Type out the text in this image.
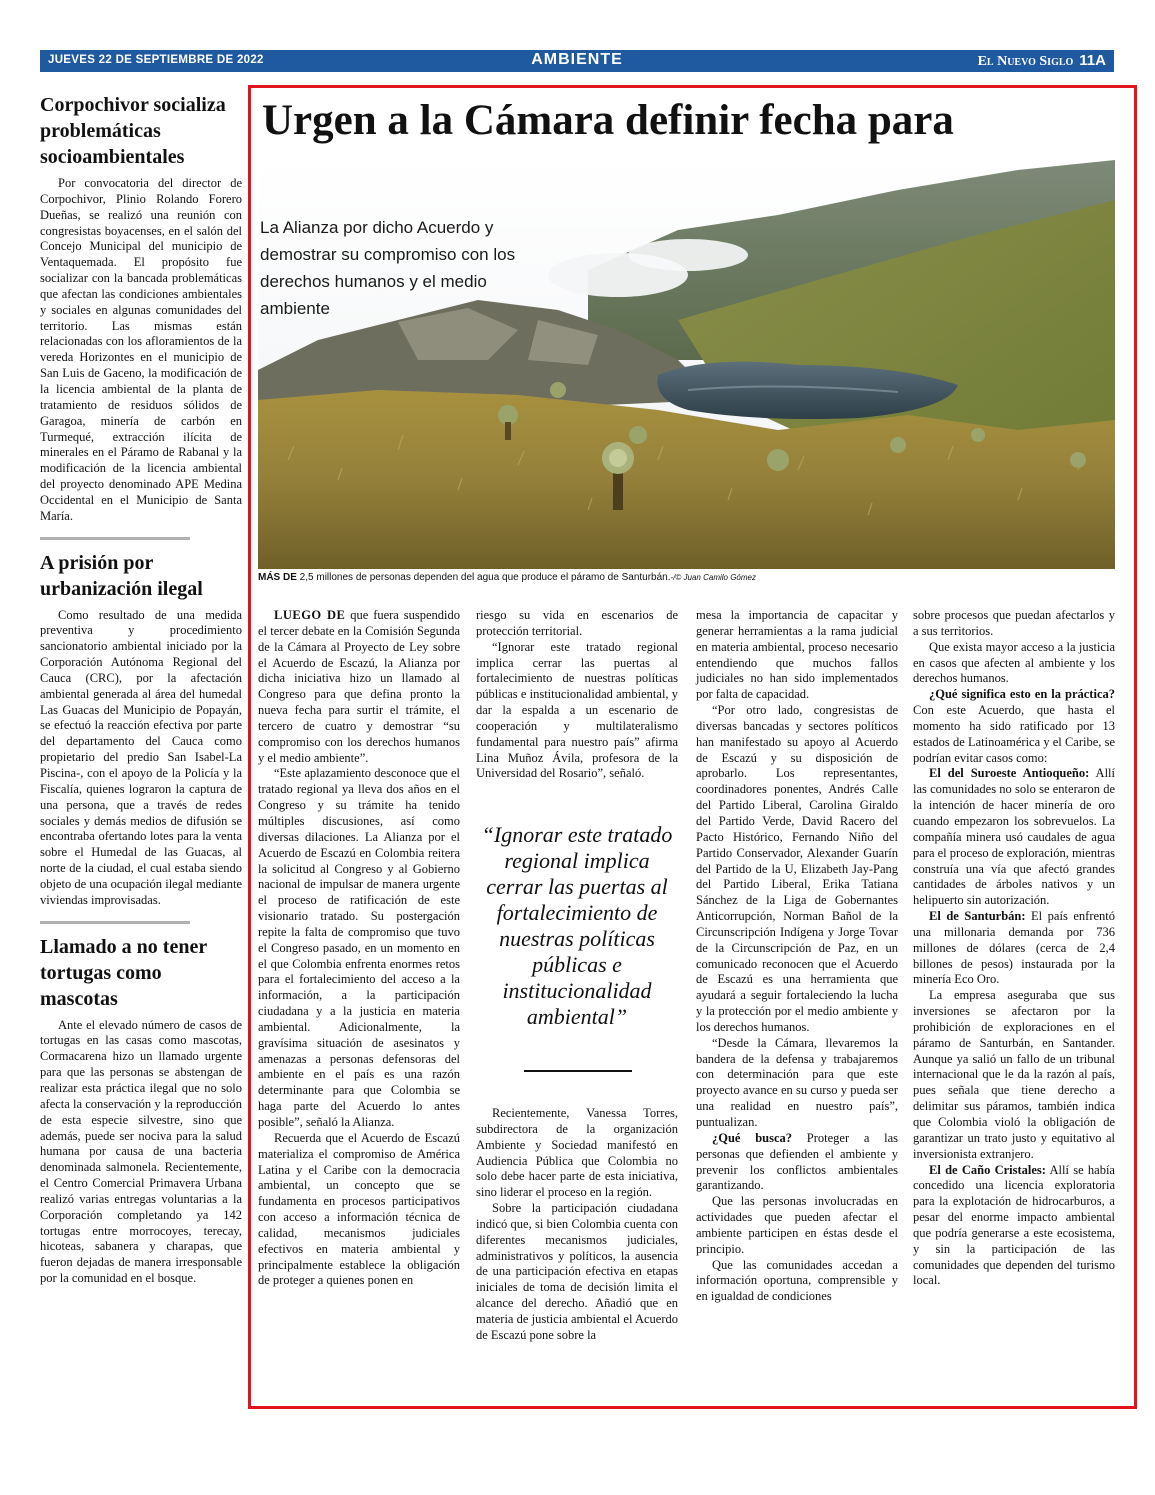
JUEVES 22 DE SEPTIEMBRE DE 2022	AMBIENTE	El Nuevo Siglo 11A
Corpochivor socializa problemáticas socioambientales

Por convocatoria del director de Corpochivor, Plinio Rolando Forero Dueñas, se realizó una reunión con congresistas boyacenses, en el salón del Concejo Municipal del municipio de Ventaquemada. El propósito fue socializar con la bancada problemáticas que afectan las condiciones ambientales y sociales en algunas comunidades del territorio. Las mismas están relacionadas con los afloramientos de la vereda Horizontes en el municipio de San Luis de Gaceno, la modificación de la licencia ambiental de la planta de tratamiento de residuos sólidos de Garagoa, minería de carbón en Turmequé, extracción ilícita de minerales en el Páramo de Rabanal y la modificación de la licencia ambiental del proyecto denominado APE Medina Occidental en el Municipio de Santa María.

A prisión por urbanización ilegal

Como resultado de una medida preventiva y procedimiento sancionatorio ambiental iniciado por la Corporación Autónoma Regional del Cauca (CRC), por la afectación ambiental generada al área del humedal Las Guacas del Municipio de Popayán, se efectuó la reacción efectiva por parte del departamento del Cauca como propietario del predio San Isabel-La Piscina-, con el apoyo de la Policía y la Fiscalía, quienes lograron la captura de una persona, que a través de redes sociales y demás medios de difusión se encontraba ofertando lotes para la venta sobre el Humedal de las Guacas, al norte de la ciudad, el cual estaba siendo objeto de una ocupación ilegal mediante viviendas improvisadas.

Llamado a no tener tortugas como mascotas

Ante el elevado número de casos de tortugas en las casas como mascotas, Cormacarena hizo un llamado urgente para que las personas se abstengan de realizar esta práctica ilegal que no solo afecta la conservación y la reproducción de esta especie silvestre, sino que además, puede ser nociva para la salud humana por causa de una bacteria denominada salmonela. Recientemente, el Centro Comercial Primavera Urbana realizó varias entregas voluntarias a la Corporación completando ya 142 tortugas entre morrocoyes, terecay, hicoteas, sabanera y charapas, que fueron dejadas de manera irresponsable por la comunidad en el bosque.

Urgen a la Cámara definir fecha para
La Alianza por dicho Acuerdo y demostrar su compromiso con los derechos humanos y el medio ambiente
MÁS DE 2,5 millones de personas dependen del agua que produce el páramo de Santurbán.-/© Juan Camilo Gómez

LUEGO DE que fuera suspendido el tercer debate en la Comisión Segunda de la Cámara al Proyecto de Ley sobre el Acuerdo de Escazú, la Alianza por dicha iniciativa hizo un llamado al Congreso para que defina pronto la nueva fecha para surtir el trámite, el tercero de cuatro y demostrar “su compromiso con los derechos humanos y el medio ambiente”.

“Este aplazamiento desconoce que el tratado regional ya lleva dos años en el Congreso y su trámite ha tenido múltiples discusiones, así como diversas dilaciones. La Alianza por el Acuerdo de Escazú en Colombia reitera la solicitud al Congreso y al Gobierno nacional de impulsar de manera urgente el proceso de ratificación de este visionario tratado. Su postergación repite la falta de compromiso que tuvo el Congreso pasado, en un momento en el que Colombia enfrenta enormes retos para el fortalecimiento del acceso a la información, a la participación ciudadana y a la justicia en materia ambiental. Adicionalmente, la gravísima situación de asesinatos y amenazas a personas defensoras del ambiente en el país es una razón determinante para que Colombia se haga parte del Acuerdo lo antes posible”, señaló la Alianza.

Recuerda que el Acuerdo de Escazú materializa el compromiso de América Latina y el Caribe con la democracia ambiental, un concepto que se fundamenta en procesos participativos con acceso a información técnica de calidad, mecanismos judiciales efectivos en materia ambiental y principalmente establece la obligación de proteger a quienes ponen en

riesgo su vida en escenarios de protección territorial.

“Ignorar este tratado regional implica cerrar las puertas al fortalecimiento de nuestras políticas públicas e institucionalidad ambiental, y dar la espalda a un escenario de cooperación y multilateralismo fundamental para nuestro país” afirma Lina Muñoz Ávila, profesora de la Universidad del Rosario”, señaló.

“Ignorar este tratado regional implica cerrar las puertas al fortalecimiento de nuestras políticas públicas e institucionalidad ambiental”

Recientemente, Vanessa Torres, subdirectora de la organización Ambiente y Sociedad manifestó en Audiencia Pública que Colombia no solo debe hacer parte de esta iniciativa, sino liderar el proceso en la región.

Sobre la participación ciudadana indicó que, si bien Colombia cuenta con diferentes mecanismos judiciales, administrativos y políticos, la ausencia de una participación efectiva en etapas iniciales de toma de decisión limita el alcance del derecho. Añadió que en materia de justicia ambiental el Acuerdo de Escazú pone sobre la

mesa la importancia de capacitar y generar herramientas a la rama judicial en materia ambiental, proceso necesario entendiendo que muchos fallos judiciales no han sido implementados por falta de capacidad.

“Por otro lado, congresistas de diversas bancadas y sectores políticos han manifestado su apoyo al Acuerdo de Escazú y su disposición de aprobarlo. Los representantes, coordinadores ponentes, Andrés Calle del Partido Liberal, Carolina Giraldo del Partido Verde, David Racero del Pacto Histórico, Fernando Niño del Partido Conservador, Alexander Guarín del Partido de la U, Elizabeth Jay-Pang del Partido Liberal, Erika Tatiana Sánchez de la Liga de Gobernantes Anticorrupción, Norman Bañol de la Circunscripción Indígena y Jorge Tovar de la Circunscripción de Paz, en un comunicado reconocen que el Acuerdo de Escazú es una herramienta que ayudará a seguir fortaleciendo la lucha y la protección por el medio ambiente y los derechos humanos.

“Desde la Cámara, llevaremos la bandera de la defensa y trabajaremos con determinación para que este proyecto avance en su curso y pueda ser una realidad en nuestro país”, puntualizan.

¿Qué busca? Proteger a las personas que defienden el ambiente y prevenir los conflictos ambientales garantizando.

Que las personas involucradas en actividades que pueden afectar el ambiente participen en éstas desde el principio.

Que las comunidades accedan a información oportuna, comprensible y en igualdad de condiciones

sobre procesos que puedan afectarlos y a sus territorios.

Que exista mayor acceso a la justicia en casos que afecten al ambiente y los derechos humanos.

¿Qué significa esto en la práctica? Con este Acuerdo, que hasta el momento ha sido ratificado por 13 estados de Latinoamérica y el Caribe, se podrían evitar casos como:

El del Suroeste Antioqueño: Allí las comunidades no solo se enteraron de la intención de hacer minería de oro cuando empezaron los sobrevuelos. La compañía minera usó caudales de agua para el proceso de exploración, mientras construía una vía que afectó grandes cantidades de árboles nativos y un helipuerto sin autorización.

El de Santurbán: El país enfrentó una millonaria demanda por 736 millones de dólares (cerca de 2,4 billones de pesos) instaurada por la minería Eco Oro.

La empresa aseguraba que sus inversiones se afectaron por la prohibición de exploraciones en el páramo de Santurbán, en Santander. Aunque ya salió un fallo de un tribunal internacional que le da la razón al país, pues señala que tiene derecho a delimitar sus páramos, también indica que Colombia violó la obligación de garantizar un trato justo y equitativo al inversionista extranjero.

El de Caño Cristales: Allí se había concedido una licencia exploratoria para la explotación de hidrocarburos, a pesar del enorme impacto ambiental que podría generarse a este ecosistema, y sin la participación de las comunidades que dependen del turismo local.
